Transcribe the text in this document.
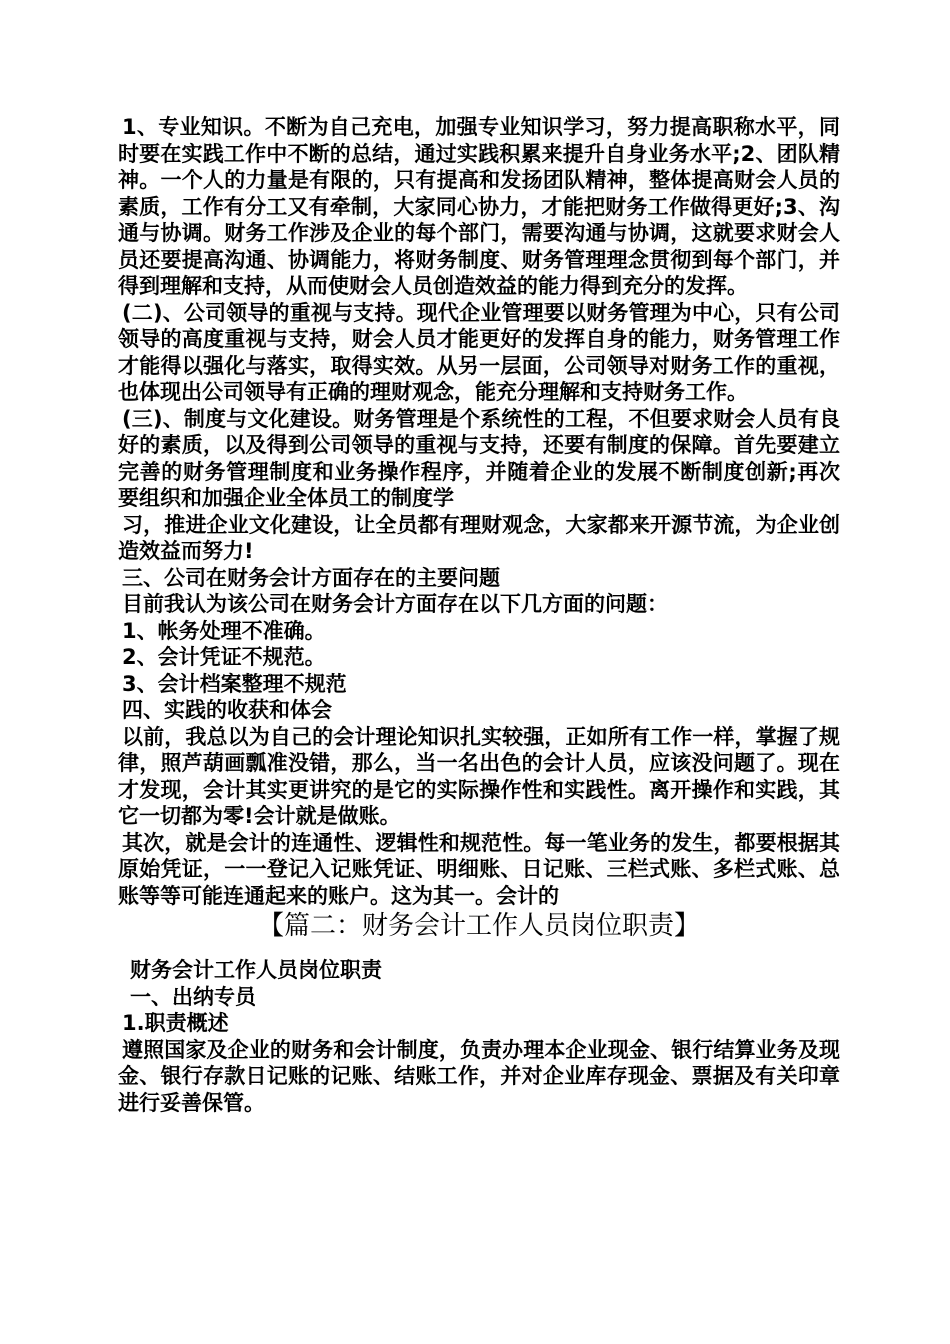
1、专业知识。不断为自己充电，加强专业知识学习，努力提高职称水平，同时要在实践工作中不断的总结，通过实践积累来提升自身业务水平;2、团队精神。一个人的力量是有限的，只有提高和发扬团队精神，整体提高财会人员的素质，工作有分工又有牵制，大家同心协力，才能把财务工作做得更好;3、沟通与协调。财务工作涉及企业的每个部门，需要沟通与协调，这就要求财会人员还要提高沟通、协调能力，将财务制度、财务管理理念贯彻到每个部门，并得到理解和支持，从而使财会人员创造效益的能力得到充分的发挥。

(二)、公司领导的重视与支持。现代企业管理要以财务管理为中心，只有公司领导的高度重视与支持，财会人员才能更好的发挥自身的能力，财务管理工作才能得以强化与落实，取得实效。从另一层面，公司领导对财务工作的重视，也体现出公司领导有正确的理财观念，能充分理解和支持财务工作。

(三)、制度与文化建设。财务管理是个系统性的工程，不但要求财会人员有良好的素质，以及得到公司领导的重视与支持，还要有制度的保障。首先要建立完善的财务管理制度和业务操作程序，并随着企业的发展不断制度创新;再次要组织和加强企业全体员工的制度学

习，推进企业文化建设，让全员都有理财观念，大家都来开源节流，为企业创造效益而努力!

三、公司在财务会计方面存在的主要问题

目前我认为该公司在财务会计方面存在以下几方面的问题：

1、帐务处理不准确。

2、会计凭证不规范。

3、会计档案整理不规范

四、实践的收获和体会

以前，我总以为自己的会计理论知识扎实较强，正如所有工作一样，掌握了规律，照芦葫画瓢准没错，那么，当一名出色的会计人员，应该没问题了。现在才发现，会计其实更讲究的是它的实际操作性和实践性。离开操作和实践，其它一切都为零!会计就是做账。

其次，就是会计的连通性、逻辑性和规范性。每一笔业务的发生，都要根据其原始凭证，一一登记入记账凭证、明细账、日记账、三栏式账、多栏式账、总账等等可能连通起来的账户。这为其一。会计的

【篇二：财务会计工作人员岗位职责】

财务会计工作人员岗位职责

一、出纳专员

1.职责概述

遵照国家及企业的财务和会计制度，负责办理本企业现金、银行结算业务及现金、银行存款日记账的记账、结账工作，并对企业库存现金、票据及有关印章进行妥善保管。
